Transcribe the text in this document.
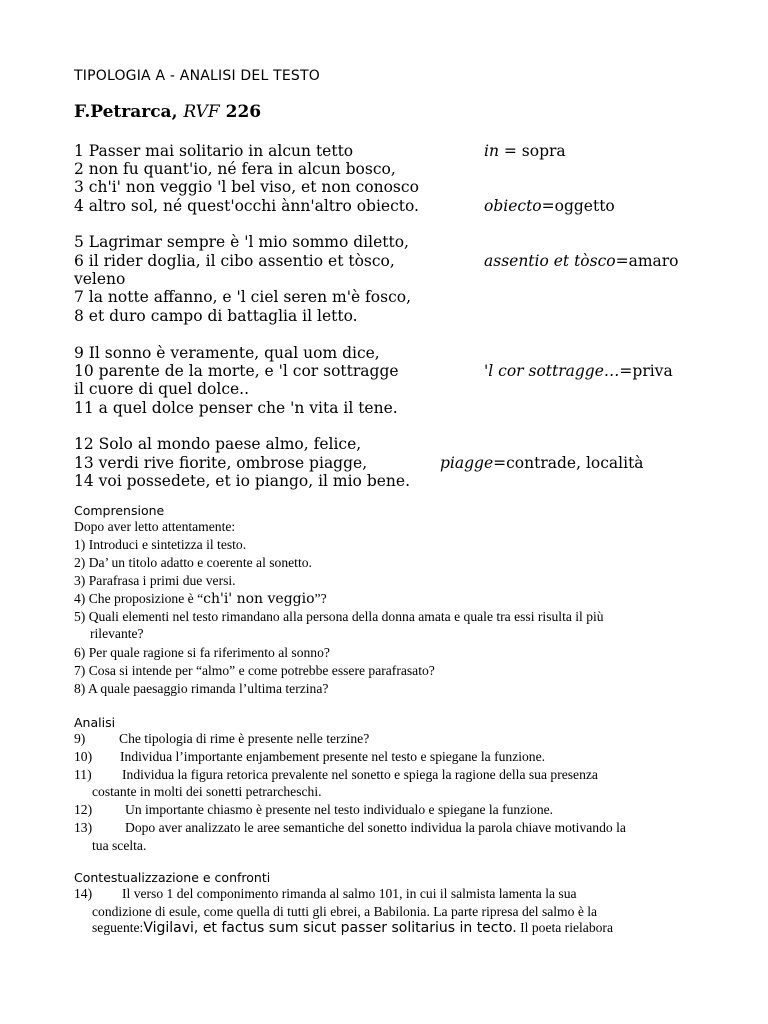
TIPOLOGIA A - ANALISI DEL TESTO
F.Petrarca, RVF 226
1 Passer mai solitario in alcun tetto
2 non fu quant'io, né fera in alcun bosco,
3 ch'i' non veggio 'l bel viso, et non conosco
4 altro sol, né quest'occhi ànn'altro obiecto.
in = sopra
obiecto=oggetto
5 Lagrimar sempre è 'l mio sommo diletto,
6 il rider doglia, il cibo assentio et tòsco,
veleno
7 la notte affanno, e 'l ciel seren m'è fosco,
8 et duro campo di battaglia il letto.
assentio et tòsco=amaro
9 Il sonno è veramente, qual uom dice,
10 parente de la morte, e 'l cor sottragge
il cuore di quel dolce..
11 a quel dolce penser che 'n vita il tene.
'l cor sottragge…=priva
12 Solo al mondo paese almo, felice,
13 verdi rive fiorite, ombrose piagge,
14 voi possedete, et io piango, il mio bene.
piagge=contrade, località
Comprensione
Dopo aver letto attentamente:
1) Introduci e sintetizza il testo.
2) Da’ un titolo adatto e coerente al sonetto.
3) Parafrasa i primi due versi.
4) Che proposizione è “ch'i' non veggio”?
5) Quali elementi nel testo rimandano alla persona della donna amata e quale tra essi risulta il più
rilevante?
6) Per quale ragione si fa riferimento al sonno?
7) Cosa si intende per “almo” e come potrebbe essere parafrasato?
8) A quale paesaggio rimanda l’ultima terzina?
Analisi
9) Che tipologia di rime è presente nelle terzine?
10) Individua l’importante enjambement presente nel testo e spiegane la funzione.
11) Individua la figura retorica prevalente nel sonetto e spiega la ragione della sua presenza
costante in molti dei sonetti petrarcheschi.
12) Un importante chiasmo è presente nel testo individualo e spiegane la funzione.
13) Dopo aver analizzato le aree semantiche del sonetto individua la parola chiave motivando la
tua scelta.
Contestualizzazione e confronti
14) Il verso 1 del componimento rimanda al salmo 101, in cui il salmista lamenta la sua
condizione di esule, come quella di tutti gli ebrei, a Babilonia. La parte ripresa del salmo è la
seguente:Vigilavi, et factus sum sicut passer solitarius in tecto. Il poeta rielabora
